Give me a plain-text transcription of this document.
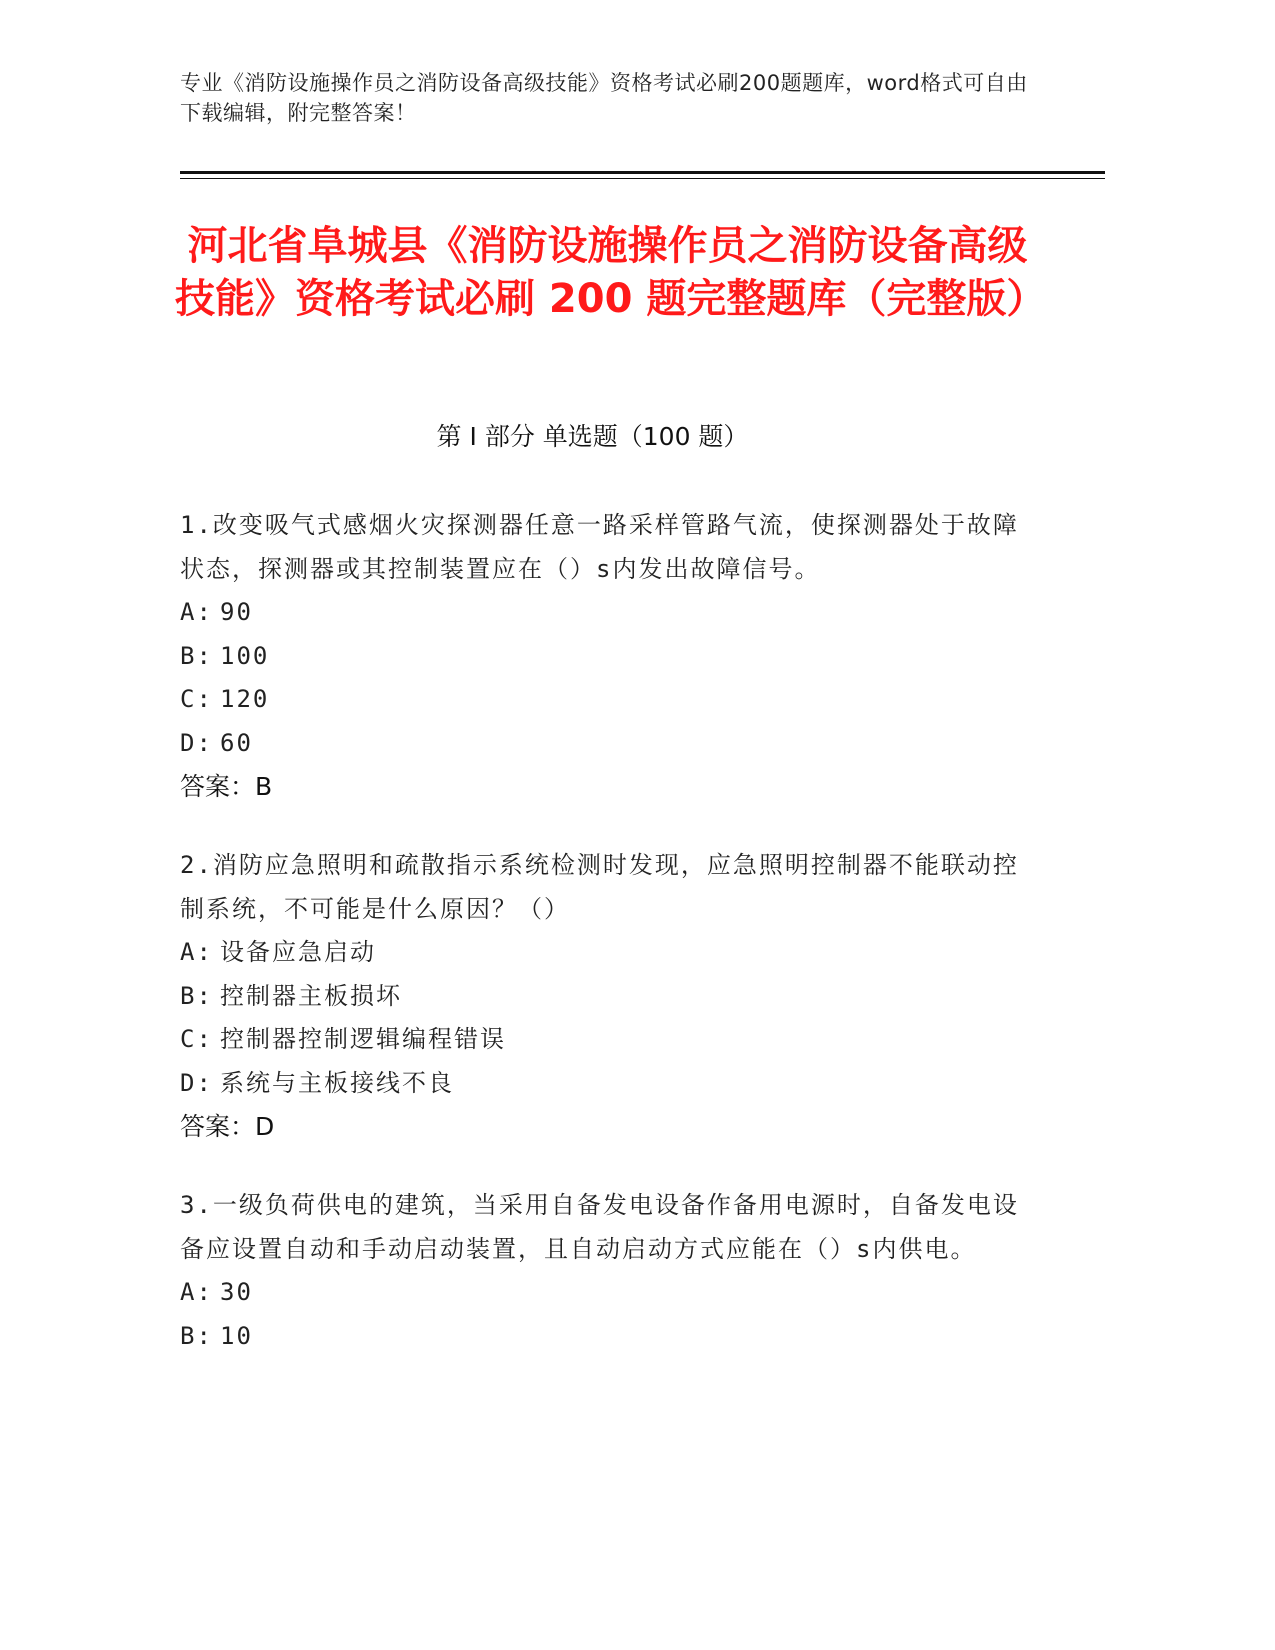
专业《消防设施操作员之消防设备高级技能》资格考试必刷200题题库，word格式可自由下载编辑，附完整答案！
河北省阜城县《消防设施操作员之消防设备高级技能》资格考试必刷 200 题完整题库（完整版）
第 I 部分 单选题（100 题）
1.改变吸气式感烟火灾探测器任意一路采样管路气流，使探测器处于故障状态，探测器或其控制装置应在（）s内发出故障信号。
A: 90
B: 100
C: 120
D: 60
答案：B
2.消防应急照明和疏散指示系统检测时发现，应急照明控制器不能联动控制系统，不可能是什么原因？（）
A: 设备应急启动
B: 控制器主板损坏
C: 控制器控制逻辑编程错误
D: 系统与主板接线不良
答案：D
3.一级负荷供电的建筑，当采用自备发电设备作备用电源时，自备发电设备应设置自动和手动启动装置，且自动启动方式应能在（）s内供电。
A: 30
B: 10
